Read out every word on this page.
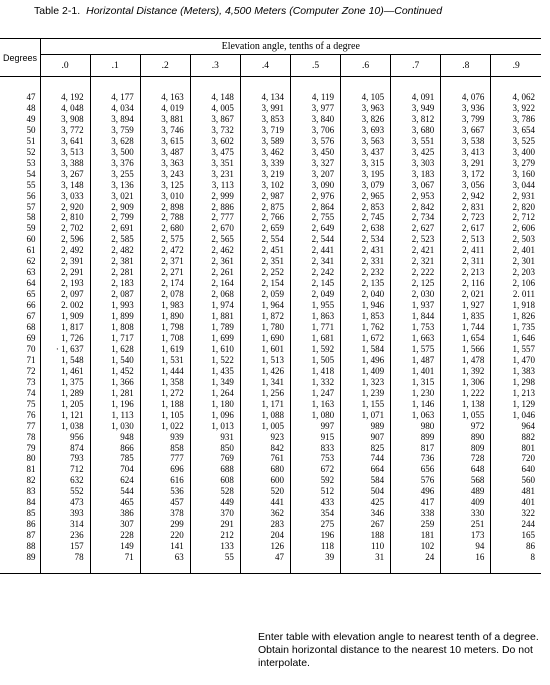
Table 2-1. Horizontal Distance (Meters), 4,500 Meters (Computer Zone 10)—Continued
Degrees	Elevation angle, tenths of a degree									
	.0	.1	.2	.3	.4	.5	.6	.7	.8	.9

47	4, 192	4, 177	4, 163	4, 148	4, 134	4, 119	4, 105	4, 091	4, 076	4, 062
48	4, 048	4, 034	4, 019	4, 005	3, 991	3, 977	3, 963	3, 949	3, 936	3, 922
49	3, 908	3, 894	3, 881	3, 867	3, 853	3, 840	3, 826	3, 812	3, 799	3, 786
50	3, 772	3, 759	3, 746	3, 732	3, 719	3, 706	3, 693	3, 680	3, 667	3, 654
51	3, 641	3, 628	3, 615	3, 602	3, 589	3, 576	3, 563	3, 551	3, 538	3, 525
52	3, 513	3, 500	3, 487	3, 475	3, 462	3, 450	3, 437	3, 425	3, 413	3, 400
53	3, 388	3, 376	3, 363	3, 351	3, 339	3, 327	3, 315	3, 303	3, 291	3, 279
54	3, 267	3, 255	3, 243	3, 231	3, 219	3, 207	3, 195	3, 183	3, 172	3, 160
55	3, 148	3, 136	3, 125	3, 113	3, 102	3, 090	3, 079	3, 067	3, 056	3, 044
56	3, 033	3, 021	3, 010	2, 999	2, 987	2, 976	2, 965	2, 953	2, 942	2, 931
57	2, 920	2, 909	2, 898	2, 886	2, 875	2, 864	2, 853	2, 842	2, 831	2, 820
58	2, 810	2, 799	2, 788	2, 777	2, 766	2, 755	2, 745	2, 734	2, 723	2, 712
59	2, 702	2, 691	2, 680	2, 670	2, 659	2, 649	2, 638	2, 627	2, 617	2, 606
60	2, 596	2, 585	2, 575	2, 565	2, 554	2, 544	2, 534	2, 523	2, 513	2, 503
61	2, 492	2, 482	2, 472	2, 462	2, 451	2, 441	2, 431	2, 421	2, 411	2, 401
62	2, 391	2, 381	2, 371	2, 361	2, 351	2, 341	2, 331	2, 321	2, 311	2, 301
63	2, 291	2, 281	2, 271	2, 261	2, 252	2, 242	2, 232	2, 222	2, 213	2, 203
64	2, 193	2, 183	2, 174	2, 164	2, 154	2, 145	2, 135	2, 125	2, 116	2, 106
65	2, 097	2, 087	2, 078	2, 068	2, 059	2, 049	2, 040	2, 030	2, 021	2. 011
66	2. 002	1, 993	1, 983	1, 974	1, 964	1, 955	1, 946	1, 937	1, 927	1, 918
67	1, 909	1, 899	1, 890	1, 881	1, 872	1, 863	1, 853	1, 844	1, 835	1, 826
68	1, 817	1, 808	1, 798	1, 789	1, 780	1, 771	1, 762	1, 753	1, 744	1, 735
69	1, 726	1, 717	1, 708	1, 699	1, 690	1, 681	1, 672	1, 663	1, 654	1, 646
70	· 1, 637	1, 628	1, 619	1, 610	1, 601	1, 592	1, 584	1, 575	1, 566	1, 557
71	1, 548	1, 540	1, 531	1, 522	1, 513	1, 505	1, 496	1, 487	1, 478	1, 470
72	1, 461	1, 452	1, 444	1, 435	1, 426	1, 418	1, 409	1, 401	1, 392	1, 383
73	1, 375	1, 366	1, 358	1, 349	1, 341	1, 332	1, 323	1, 315	1, 306	1, 298
74	1, 289	1, 281	1, 272	1, 264	1, 256	1, 247	1, 239	1, 230	1, 222	1, 213
75	1, 205	1, 196	1, 188	1, 180	1, 171	1, 163	1, 155	1, 146	1, 138	1, 129
76	1, 121	1, 113	1, 105	1, 096	1, 088	1, 080	1, 071	1, 063	1, 055	1, 046
77	1, 038	1, 030	1, 022	1, 013	1, 005	997	989	980	972	964
78	956	948	939	931	923	915	907	899	890	882
79	874	866	858	850	842	833	825	817	809	801
80	793	785	777	769	761	753	744	736	728	720
81	712	704	696	688	680	672	664	656	648	640
82	632	624	616	608	600	592	584	576	568	560
83	552	544	536	528	520	512	504	496	489	481
84	473	465	457	449	441	433	425	417	409	401
85	393	386	378	370	362	354	346	338	330	322
86	314	307	299	291	283	275	267	259	251	244
87	236	228	220	212	204	196	188	181	173	165
88	157	149	141	133	126	118	110	102	94	86
89	78	71	63	55	47	39	31	24	16	8

Enter table with elevation angle to nearest tenth of a degree. Obtain horizontal distance to the nearest 10 meters. Do not interpolate.
